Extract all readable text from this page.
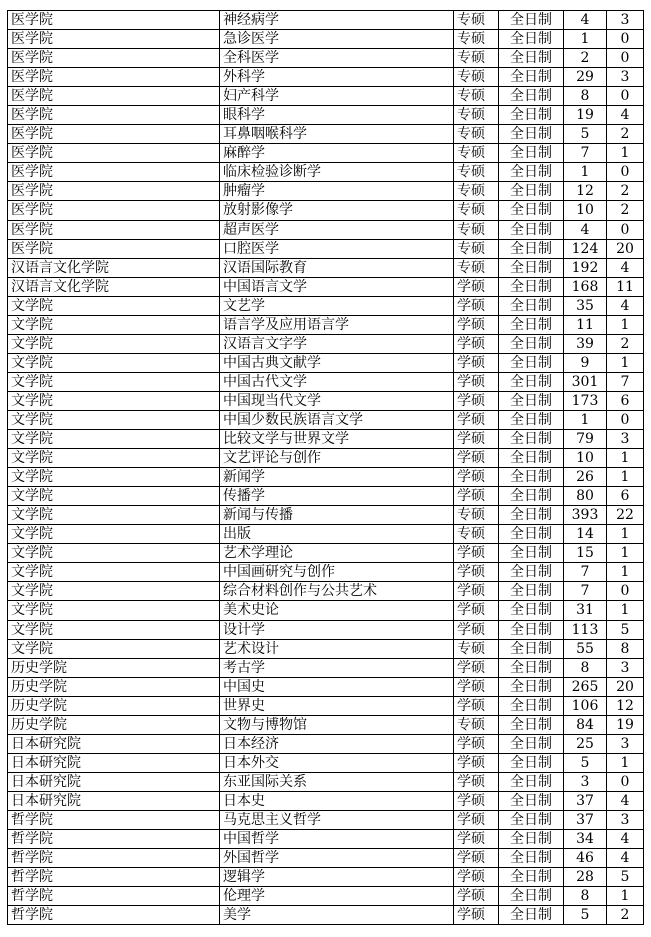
医学院	神经病学	专硕	全日制	4	3
医学院	急诊医学	专硕	全日制	1	0
医学院	全科医学	专硕	全日制	2	0
医学院	外科学	专硕	全日制	29	3
医学院	妇产科学	专硕	全日制	8	0
医学院	眼科学	专硕	全日制	19	4
医学院	耳鼻咽喉科学	专硕	全日制	5	2
医学院	麻醉学	专硕	全日制	7	1
医学院	临床检验诊断学	专硕	全日制	1	0
医学院	肿瘤学	专硕	全日制	12	2
医学院	放射影像学	专硕	全日制	10	2
医学院	超声医学	专硕	全日制	4	0
医学院	口腔医学	专硕	全日制	124	20
汉语言文化学院	汉语国际教育	专硕	全日制	192	4
汉语言文化学院	中国语言文学	学硕	全日制	168	11
文学院	文艺学	学硕	全日制	35	4
文学院	语言学及应用语言学	学硕	全日制	11	1
文学院	汉语言文字学	学硕	全日制	39	2
文学院	中国古典文献学	学硕	全日制	9	1
文学院	中国古代文学	学硕	全日制	301	7
文学院	中国现当代文学	学硕	全日制	173	6
文学院	中国少数民族语言文学	学硕	全日制	1	0
文学院	比较文学与世界文学	学硕	全日制	79	3
文学院	文艺评论与创作	学硕	全日制	10	1
文学院	新闻学	学硕	全日制	26	1
文学院	传播学	学硕	全日制	80	6
文学院	新闻与传播	专硕	全日制	393	22
文学院	出版	专硕	全日制	14	1
文学院	艺术学理论	学硕	全日制	15	1
文学院	中国画研究与创作	学硕	全日制	7	1
文学院	综合材料创作与公共艺术	学硕	全日制	7	0
文学院	美术史论	学硕	全日制	31	1
文学院	设计学	学硕	全日制	113	5
文学院	艺术设计	专硕	全日制	55	8
历史学院	考古学	学硕	全日制	8	3
历史学院	中国史	学硕	全日制	265	20
历史学院	世界史	学硕	全日制	106	12
历史学院	文物与博物馆	专硕	全日制	84	19
日本研究院	日本经济	学硕	全日制	25	3
日本研究院	日本外交	学硕	全日制	5	1
日本研究院	东亚国际关系	学硕	全日制	3	0
日本研究院	日本史	学硕	全日制	37	4
哲学院	马克思主义哲学	学硕	全日制	37	3
哲学院	中国哲学	学硕	全日制	34	4
哲学院	外国哲学	学硕	全日制	46	4
哲学院	逻辑学	学硕	全日制	28	5
哲学院	伦理学	学硕	全日制	8	1
哲学院	美学	学硕	全日制	5	2
